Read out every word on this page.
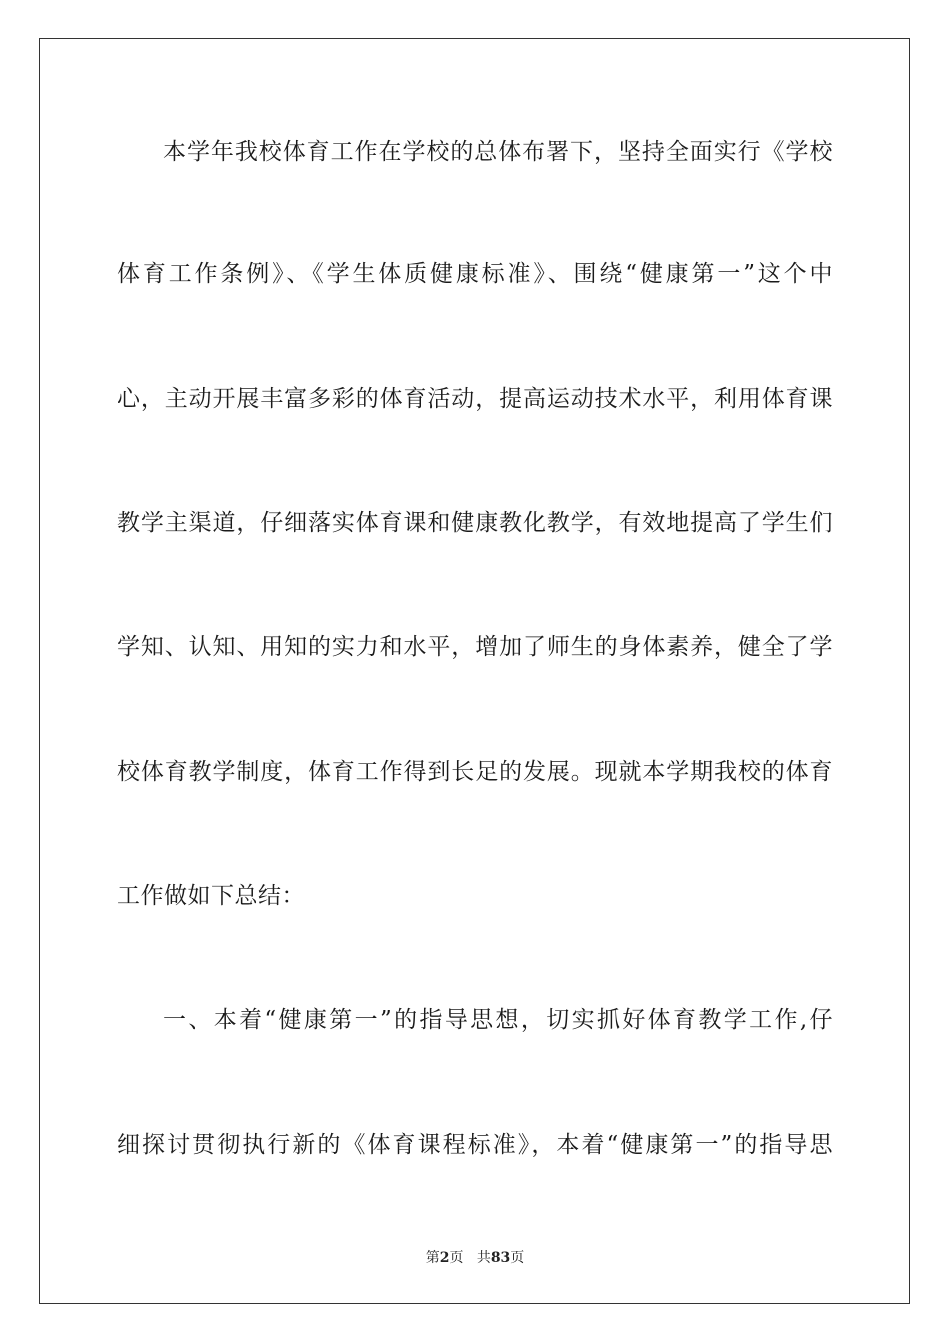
本学年我校体育工作在学校的总体布署下，坚持全面实行《学校
体育工作条例》、《学生体质健康标准》、围绕“健康第一”这个中
心，主动开展丰富多彩的体育活动，提高运动技术水平，利用体育课
教学主渠道，仔细落实体育课和健康教化教学，有效地提高了学生们
学知、认知、用知的实力和水平，增加了师生的身体素养，健全了学
校体育教学制度，体育工作得到长足的发展。现就本学期我校的体育
工作做如下总结：
一、本着“健康第一”的指导思想，切实抓好体育教学工作,仔
细探讨贯彻执行新的《体育课程标准》，本着“健康第一”的指导思
第2页 共83页
